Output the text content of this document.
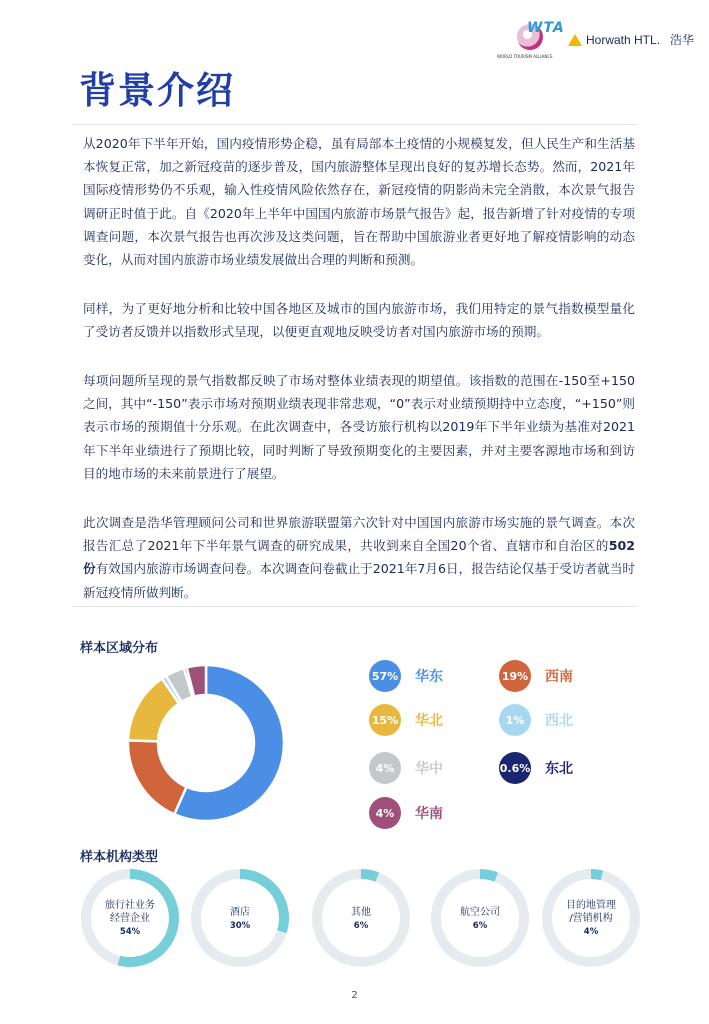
WTA
WORLD TOURISM ALLIANCE
Horwath HTL. 浩华
背景介绍

从2020年下半年开始，国内疫情形势企稳，虽有局部本土疫情的小规模复发，但人民生产和生活基本恢复正常，加之新冠疫苗的逐步普及，国内旅游整体呈现出良好的复苏增长态势。然而，2021年国际疫情形势仍不乐观，输入性疫情风险依然存在，新冠疫情的阴影尚未完全消散，本次景气报告调研正时值于此。自《2020年上半年中国国内旅游市场景气报告》起，报告新增了针对疫情的专项调查问题，本次景气报告也再次涉及这类问题，旨在帮助中国旅游业者更好地了解疫情影响的动态变化，从而对国内旅游市场业绩发展做出合理的判断和预测。

同样，为了更好地分析和比较中国各地区及城市的国内旅游市场，我们用特定的景气指数模型量化了受访者反馈并以指数形式呈现，以便更直观地反映受访者对国内旅游市场的预期。

每项问题所呈现的景气指数都反映了市场对整体业绩表现的期望值。该指数的范围在-150至+150之间，其中“-150”表示市场对预期业绩表现非常悲观，“0”表示对业绩预期持中立态度，“+150”则表示市场的预期值十分乐观。在此次调查中，各受访旅行机构以2019年下半年业绩为基准对2021年下半年业绩进行了预期比较，同时判断了导致预期变化的主要因素，并对主要客源地市场和到访目的地市场的未来前景进行了展望。

此次调查是浩华管理顾问公司和世界旅游联盟第六次针对中国国内旅游市场实施的景气调查。本次报告汇总了2021年下半年景气调查的研究成果，共收到来自全国20个省、直辖市和自治区的502份有效国内旅游市场调查问卷。本次调查问卷截止于2021年7月6日，报告结论仅基于受访者就当时新冠疫情所做判断。

样本区域分布
57% 华东	19% 西南
15% 华北	1%	西北
4%	华中	0.6% 东北
4%	华南
样本机构类型
旅行社业务
经营企业
54%
酒店
30%
其他
6%
航空公司
6%
目的地管理
/营销机构
4%
2
